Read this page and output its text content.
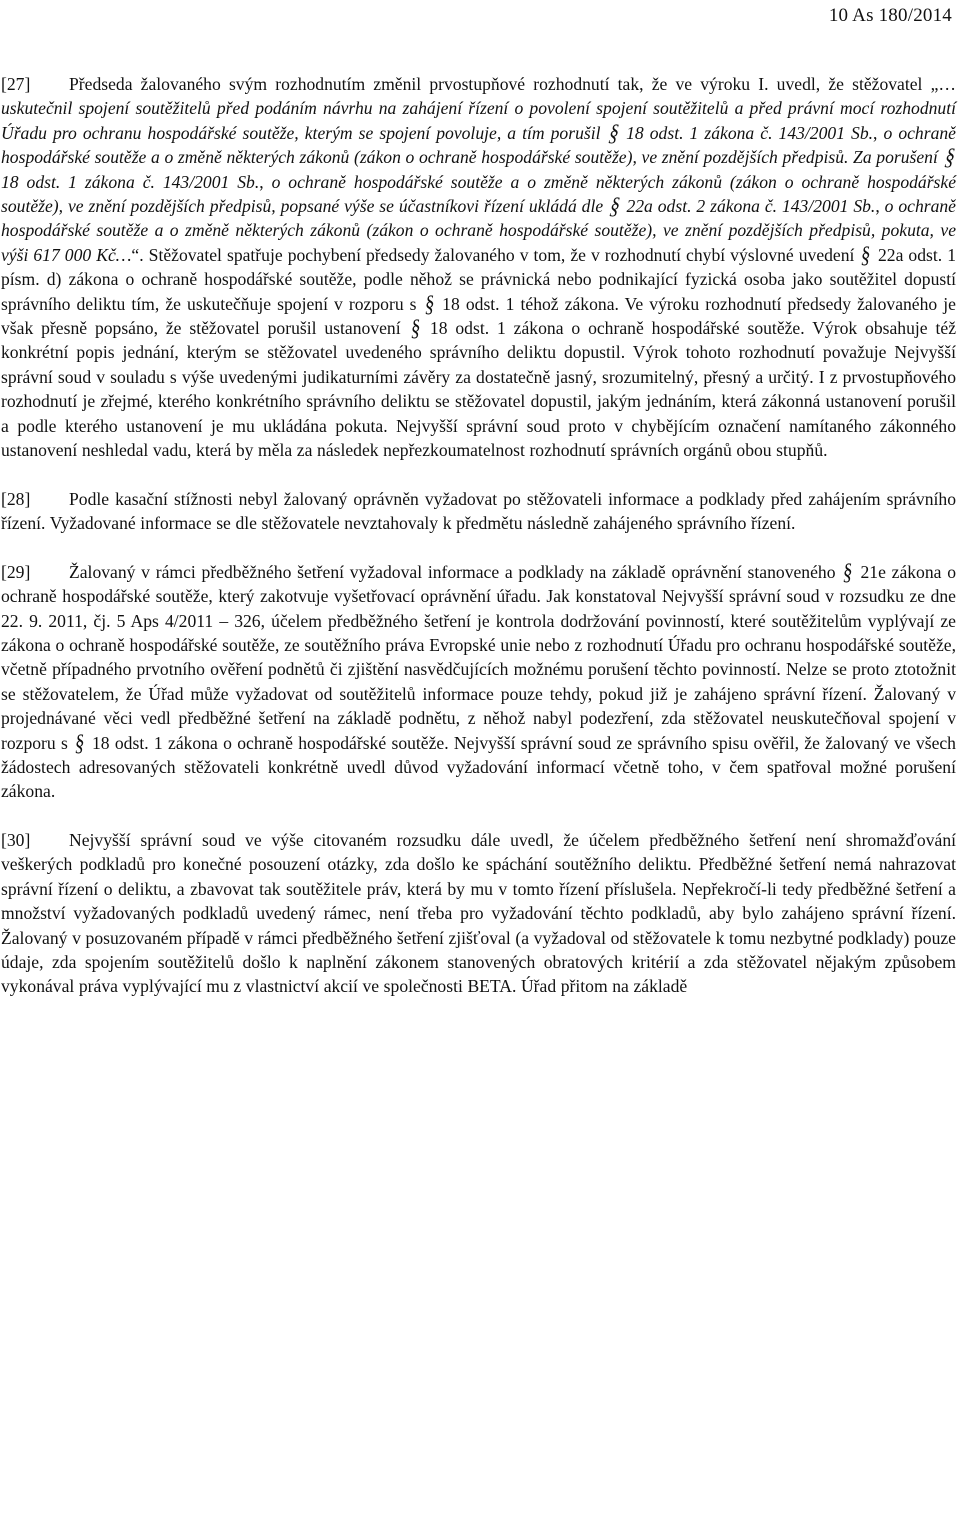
10 As 180/2014

[27] Předseda žalovaného svým rozhodnutím změnil prvostupňové rozhodnutí tak, že ve výroku I. uvedl, že stěžovatel „… uskutečnil spojení soutěžitelů před podáním návrhu na zahájení řízení o povolení spojení soutěžitelů a před právní mocí rozhodnutí Úřadu pro ochranu hospodářské soutěže, kterým se spojení povoluje, a tím porušil § 18 odst. 1 zákona č. 143/2001 Sb., o ochraně hospodářské soutěže a o změně některých zákonů (zákon o ochraně hospodářské soutěže), ve znění pozdějších předpisů. Za porušení § 18 odst. 1 zákona č. 143/2001 Sb., o ochraně hospodářské soutěže a o změně některých zákonů (zákon o ochraně hospodářské soutěže), ve znění pozdějších předpisů, popsané výše se účastníkovi řízení ukládá dle § 22a odst. 2 zákona č. 143/2001 Sb., o ochraně hospodářské soutěže a o změně některých zákonů (zákon o ochraně hospodářské soutěže), ve znění pozdějších předpisů, pokuta, ve výši 617 000 Kč…“. Stěžovatel spatřuje pochybení předsedy žalovaného v tom, že v rozhodnutí chybí výslovné uvedení § 22a odst. 1 písm. d) zákona o ochraně hospodářské soutěže, podle něhož se právnická nebo podnikající fyzická osoba jako soutěžitel dopustí správního deliktu tím, že uskutečňuje spojení v rozporu s § 18 odst. 1 téhož zákona. Ve výroku rozhodnutí předsedy žalovaného je však přesně popsáno, že stěžovatel porušil ustanovení § 18 odst. 1 zákona o ochraně hospodářské soutěže. Výrok obsahuje též konkrétní popis jednání, kterým se stěžovatel uvedeného správního deliktu dopustil. Výrok tohoto rozhodnutí považuje Nejvyšší správní soud v souladu s výše uvedenými judikaturními závěry za dostatečně jasný, srozumitelný, přesný a určitý. I z prvostupňového rozhodnutí je zřejmé, kterého konkrétního správního deliktu se stěžovatel dopustil, jakým jednáním, která zákonná ustanovení porušil a podle kterého ustanovení je mu ukládána pokuta. Nejvyšší správní soud proto v chybějícím označení namítaného zákonného ustanovení neshledal vadu, která by měla za následek nepřezkoumatelnost rozhodnutí správních orgánů obou stupňů.

[28] Podle kasační stížnosti nebyl žalovaný oprávněn vyžadovat po stěžovateli informace a podklady před zahájením správního řízení. Vyžadované informace se dle stěžovatele nevztahovaly k předmětu následně zahájeného správního řízení.

[29] Žalovaný v rámci předběžného šetření vyžadoval informace a podklady na základě oprávnění stanoveného § 21e zákona o ochraně hospodářské soutěže, který zakotvuje vyšetřovací oprávnění úřadu. Jak konstatoval Nejvyšší správní soud v rozsudku ze dne 22. 9. 2011, čj. 5 Aps 4/2011 – 326, účelem předběžného šetření je kontrola dodržování povinností, které soutěžitelům vyplývají ze zákona o ochraně hospodářské soutěže, ze soutěžního práva Evropské unie nebo z rozhodnutí Úřadu pro ochranu hospodářské soutěže, včetně případného prvotního ověření podnětů či zjištění nasvědčujících možnému porušení těchto povinností. Nelze se proto ztotožnit se stěžovatelem, že Úřad může vyžadovat od soutěžitelů informace pouze tehdy, pokud již je zahájeno správní řízení. Žalovaný v projednávané věci vedl předběžné šetření na základě podnětu, z něhož nabyl podezření, zda stěžovatel neuskutečňoval spojení v rozporu s § 18 odst. 1 zákona o ochraně hospodářské soutěže. Nejvyšší správní soud ze správního spisu ověřil, že žalovaný ve všech žádostech adresovaných stěžovateli konkrétně uvedl důvod vyžadování informací včetně toho, v čem spatřoval možné porušení zákona.

[30] Nejvyšší správní soud ve výše citovaném rozsudku dále uvedl, že účelem předběžného šetření není shromažďování veškerých podkladů pro konečné posouzení otázky, zda došlo ke spáchání soutěžního deliktu. Předběžné šetření nemá nahrazovat správní řízení o deliktu, a zbavovat tak soutěžitele práv, která by mu v tomto řízení příslušela. Nepřekročí-li tedy předběžné šetření a množství vyžadovaných podkladů uvedený rámec, není třeba pro vyžadování těchto podkladů, aby bylo zahájeno správní řízení. Žalovaný v posuzovaném případě v rámci předběžného šetření zjišťoval (a vyžadoval od stěžovatele k tomu nezbytné podklady) pouze údaje, zda spojením soutěžitelů došlo k naplnění zákonem stanovených obratových kritérií a zda stěžovatel nějakým způsobem vykonával práva vyplývající mu z vlastnictví akcií ve společnosti BETA. Úřad přitom na základě
